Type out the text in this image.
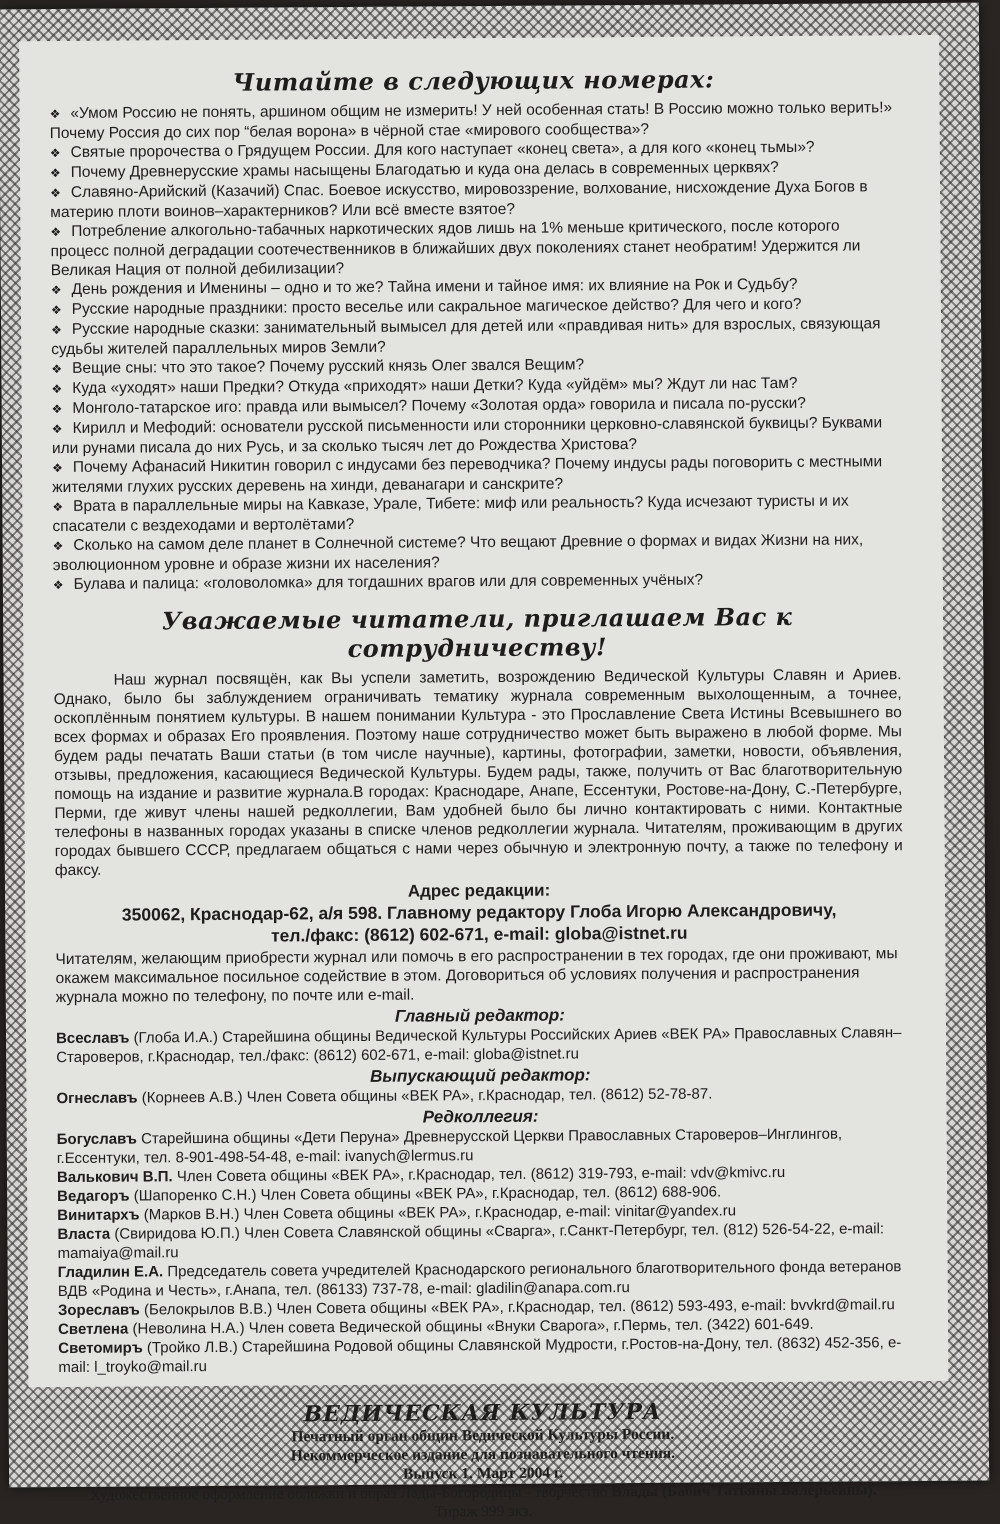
Читайте в следующих номерах:
❖ «Умом Россию не понять, аршином общим не измерить! У ней особенная стать! В Россию можно только верить!» Почему Россия до сих пор “белая ворона» в чёрной стае «мирового сообщества»?
❖ Святые пророчества о Грядущем России. Для кого наступает «конец света», а для кого «конец тьмы»?
❖ Почему Древнерусские храмы насыщены Благодатью и куда она делась в современных церквях?
❖ Славяно-Арийский (Казачий) Спас. Боевое искусство, мировоззрение, волхование, нисхождение Духа Богов в материю плоти воинов–характерников? Или всё вместе взятое?
❖ Потребление алкогольно-табачных наркотических ядов лишь на 1% меньше критического, после которого процесс полной деградации соотечественников в ближайших двух поколениях станет необратим! Удержится ли Великая Нация от полной дебилизации?
❖ День рождения и Именины – одно и то же? Тайна имени и тайное имя: их влияние на Рок и Судьбу?
❖ Русские народные праздники: просто веселье или сакральное магическое действо? Для чего и кого?
❖ Русские народные сказки: занимательный вымысел для детей или «правдивая нить» для взрослых, связующая судьбы жителей параллельных миров Земли?
❖ Вещие сны: что это такое? Почему русский князь Олег звался Вещим?
❖ Куда «уходят» наши Предки? Откуда «приходят» наши Детки? Куда «уйдём» мы? Ждут ли нас Там?
❖ Монголо-татарское иго: правда или вымысел? Почему «Золотая орда» говорила и писала по-русски?
❖ Кирилл и Мефодий: основатели русской письменности или сторонники церковно-славянской буквицы? Буквами или рунами писала до них Русь, и за сколько тысяч лет до Рождества Христова?
❖ Почему Афанасий Никитин говорил с индусами без переводчика? Почему индусы рады поговорить с местными жителями глухих русских деревень на хинди, деванагари и санскрите?
❖ Врата в параллельные миры на Кавказе, Урале, Тибете: миф или реальность? Куда исчезают туристы и их спасатели с вездеходами и вертолётами?
❖ Сколько на самом деле планет в Солнечной системе? Что вещают Древние о формах и видах Жизни на них, эволюционном уровне и образе жизни их населения?
❖ Булава и палица: «головоломка» для тогдашних врагов или для современных учёных?
Уважаемые читатели, приглашаем Вас к сотрудничеству!

Наш журнал посвящён, как Вы успели заметить, возрождению Ведической Культуры Славян и Ариев. Однако, было бы заблуждением ограничивать тематику журнала современным выхолощенным, а точнее, оскоплённым понятием культуры. В нашем понимании Культура - это Прославление Света Истины Всевышнего во всех формах и образах Его проявления. Поэтому наше сотрудничество может быть выражено в любой форме. Мы будем рады печатать Ваши статьи (в том числе научные), картины, фотографии, заметки, новости, объявления, отзывы, предложения, касающиеся Ведической Культуры. Будем рады, также, получить от Вас благотворительную помощь на издание и развитие журнала.В городах: Краснодаре, Анапе, Ессентуки, Ростове-на-Дону, С.-Петербурге, Перми, где живут члены нашей редколлегии, Вам удобней было бы лично контактировать с ними. Контактные телефоны в названных городах указаны в списке членов редколлегии журнала. Читателям, проживающим в других городах бывшего СССР, предлагаем общаться с нами через обычную и электронную почту, а также по телефону и факсу.

Адрес редакции:
350062, Краснодар-62, а/я 598. Главному редактору Глоба Игорю Александровичу,
тел./факс: (8612) 602-671, e-mail: globa@istnet.ru
Читателям, желающим приобрести журнал или помочь в его распространении в тех городах, где они проживают, мы окажем максимальное посильное содействие в этом. Договориться об условиях получения и распространения журнала можно по телефону, по почте или e-mail.
Главный редактор:
Всеславъ (Глоба И.А.) Старейшина общины Ведической Культуры Российских Ариев «ВЕК РА» Православных Славян–Староверов, г.Краснодар, тел./факс: (8612) 602-671, e-mail: globa@istnet.ru
Выпускающий редактор:
Огнеславъ (Корнеев А.В.) Член Совета общины «ВЕК РА», г.Краснодар, тел. (8612) 52-78-87.
Редколлегия:
Богуславъ Старейшина общины «Дети Перуна» Древнерусской Церкви Православных Староверов–Инглингов, г.Ессентуки, тел. 8-901-498-54-48, e-mail: ivanych@lermus.ru
Валькович В.П. Член Совета общины «ВЕК РА», г.Краснодар, тел. (8612) 319-793, e-mail: vdv@kmivc.ru
Ведагоръ (Шапоренко С.Н.) Член Совета общины «ВЕК РА», г.Краснодар, тел. (8612) 688-906.
Винитархъ (Марков В.Н.) Член Совета общины «ВЕК РА», г.Краснодар, e-mail: vinitar@yandex.ru
Власта (Свиридова Ю.П.) Член Совета Славянской общины «Сварга», г.Санкт-Петербург, тел. (812) 526-54-22, e-mail: mamaiya@mail.ru
Гладилин Е.А. Председатель совета учредителей Краснодарского регионального благотворительного фонда ветеранов ВДВ «Родина и Честь», г.Анапа, тел. (86133) 737-78, e-mail: gladilin@anapa.com.ru
Зореславъ (Белокрылов В.В.) Член Совета общины «ВЕК РА», г.Краснодар, тел. (8612) 593-493, e-mail: bvvkrd@mail.ru
Светлена (Неволина Н.А.) Член совета Ведической общины «Внуки Сварога», г.Пермь, тел. (3422) 601-649.
Светомиръ (Тройко Л.В.) Старейшина Родовой общины Славянской Мудрости, г.Ростов-на-Дону, тел. (8632) 452-356, e-mail: l_troyko@mail.ru
ВЕДИЧЕСКАЯ КУЛЬТУРА
Печатный орган общин Ведической Культуры России.
Некоммерческое издание для познавательного чтения.
Выпуск 1. Март 2004 г.
Художественное оформление обложки и образ Лады-Богородицы - творчество Влады (Бабич Татьяны Валерьевны).
Тираж 999 экз.
